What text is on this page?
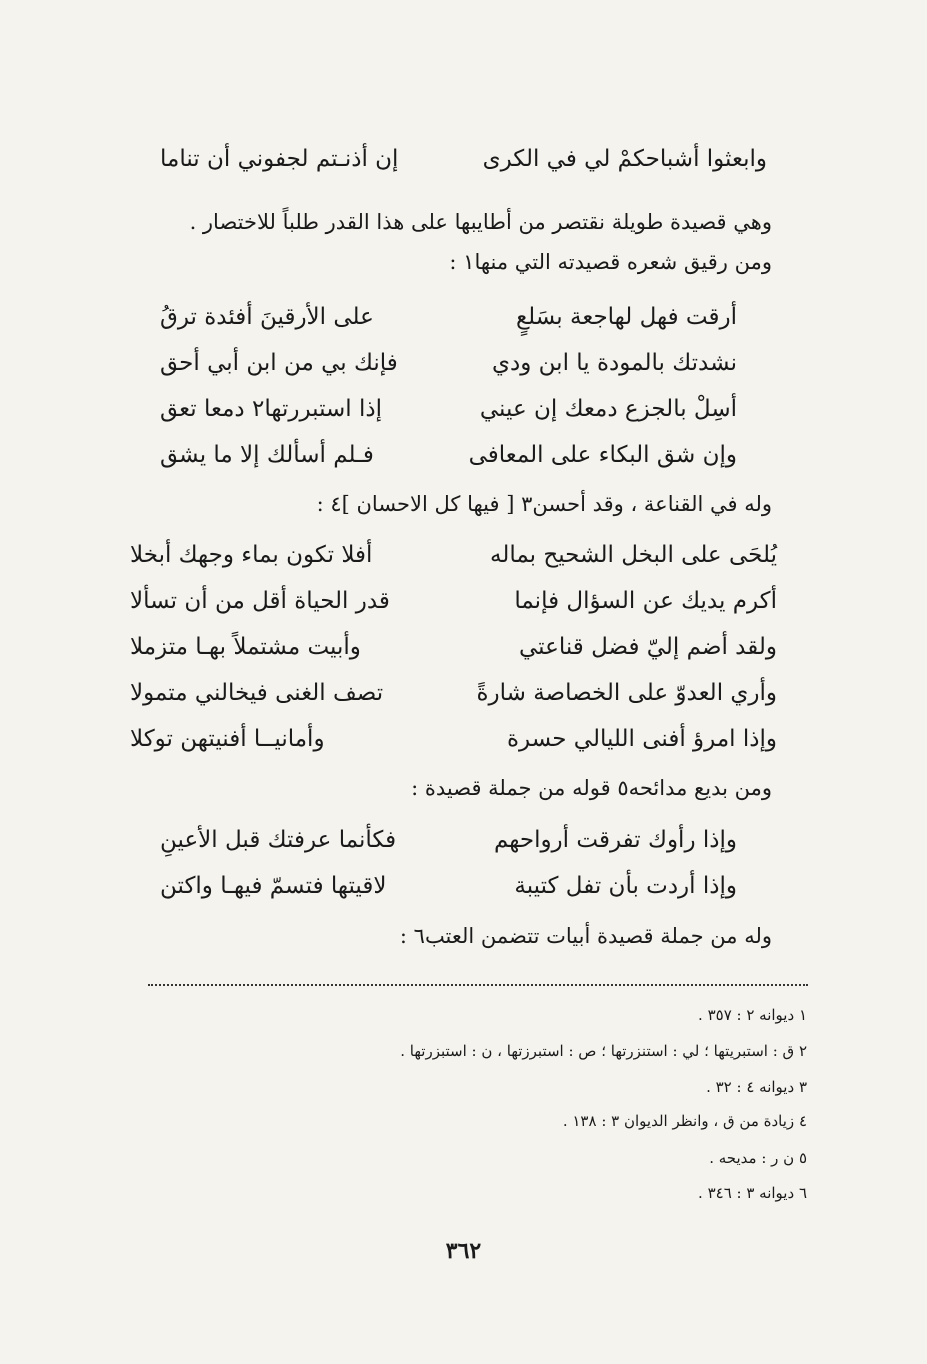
وابعثوا أشباحكمْ لي في الكرى
إن أذنـتم لجفوني أن تناما
وهي قصيدة طويلة نقتصر من أطايبها على هذا القدر طلباً للاختصار .
ومن رقيق شعره قصيدته التي منها١ :
أرقت فهل لهاجعة بسَلعٍ
على الأرقينَ أفئدة ترقُ
نشدتك بالمودة يا ابن ودي
فإنك بي من ابن أبي أحق
أسِلْ بالجزع دمعك إن عيني
إذا استبررتها٢ دمعا تعق
وإن شق البكاء على المعافى
فـلم أسألك إلا ما يشق
وله في القناعة ، وقد أحسن٣ [ فيها كل الاحسان ]٤ :
يُلحَى على البخل الشحيح بماله
أفلا تكون بماء وجهك أبخلا
أكرم يديك عن السؤال فإنما
قدر الحياة أقل من أن تسألا
ولقد أضم إليّ فضل قناعتي
وأبيت مشتملاً بهـا متزملا
وأري العدوّ على الخصاصة شارةً
تصف الغنى فيخالني متمولا
وإذا امرؤ أفنى الليالي حسرة
وأمانيــا أفنيتهن توكلا
ومن بديع مدائحه٥ قوله من جملة قصيدة :
وإذا رأوك تفرقت أرواحهم
فكأنما عرفتك قبل الأعينِ
وإذا أردت بأن تفل كتيبة
لاقيتها فتسمّ فيهـا واكتن
وله من جملة قصيدة أبيات تتضمن العتب٦ :
١ ديوانه ٢ : ٣٥٧ .
٢ ق : استبريتها ؛ لي : استنزرتها ؛ ص : استبرزتها ، ن : استبزرتها .
٣ ديوانه ٤ : ٣٢ .
٤ زيادة من ق ، وانظر الديوان ٣ : ١٣٨ .
٥ ن ر : مديحه .
٦ ديوانه ٣ : ٣٤٦ .
٣٦٢
